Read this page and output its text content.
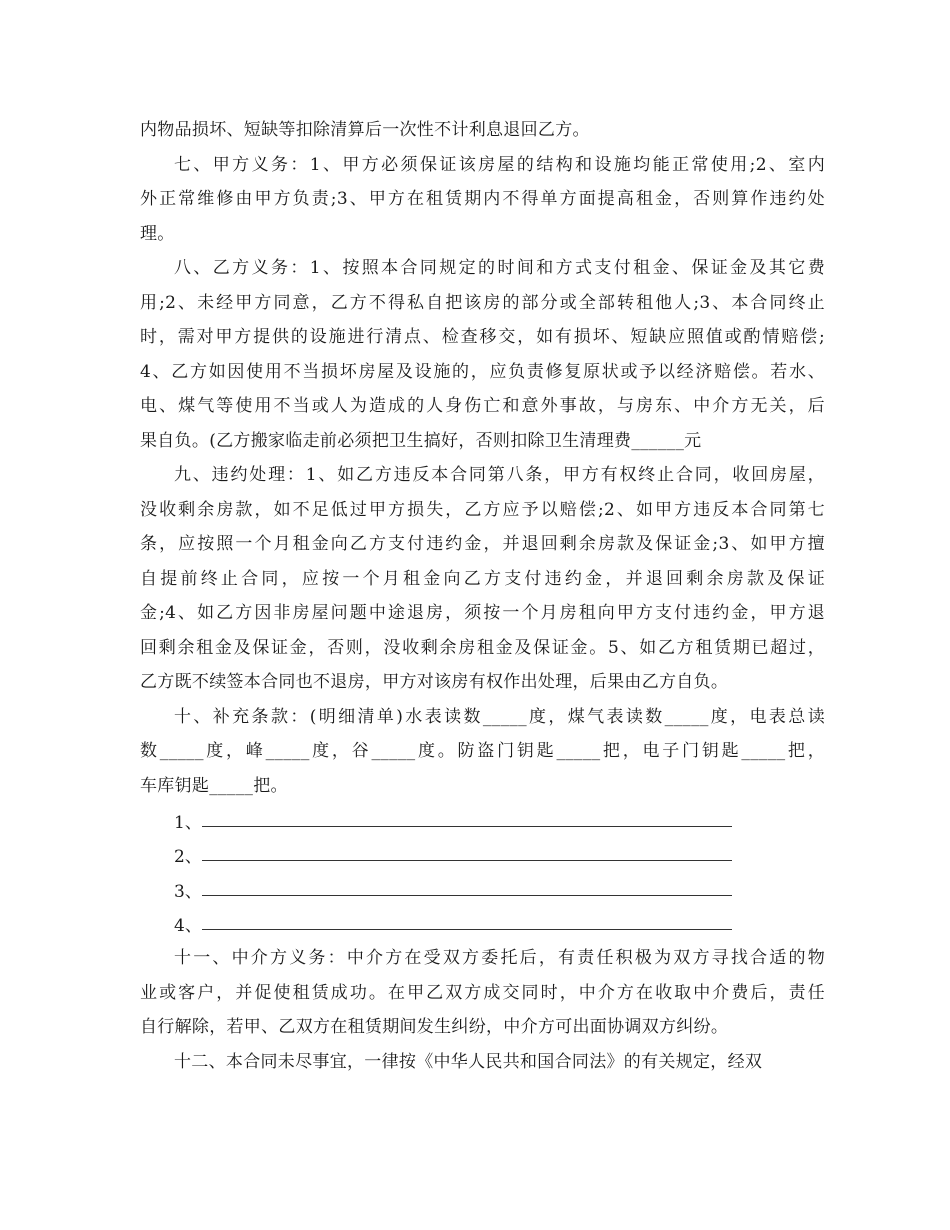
内物品损坏、短缺等扣除清算后一次性不计利息退回乙方。
七、甲方义务：1、甲方必须保证该房屋的结构和设施均能正常使用;2、室内
外正常维修由甲方负责;3、甲方在租赁期内不得单方面提高租金，否则算作违约处
理。
八、乙方义务：1、按照本合同规定的时间和方式支付租金、保证金及其它费
用;2、未经甲方同意，乙方不得私自把该房的部分或全部转租他人;3、本合同终止
时，需对甲方提供的设施进行清点、检查移交，如有损坏、短缺应照值或酌情赔偿;
4、乙方如因使用不当损坏房屋及设施的，应负责修复原状或予以经济赔偿。若水、
电、煤气等使用不当或人为造成的人身伤亡和意外事故，与房东、中介方无关，后
果自负。(乙方搬家临走前必须把卫生搞好，否则扣除卫生清理费______元
九、违约处理：1、如乙方违反本合同第八条，甲方有权终止合同，收回房屋，
没收剩余房款，如不足低过甲方损失，乙方应予以赔偿;2、如甲方违反本合同第七
条，应按照一个月租金向乙方支付违约金，并退回剩余房款及保证金;3、如甲方擅
自提前终止合同，应按一个月租金向乙方支付违约金，并退回剩余房款及保证
金;4、如乙方因非房屋问题中途退房，须按一个月房租向甲方支付违约金，甲方退
回剩余租金及保证金，否则，没收剩余房租金及保证金。5、如乙方租赁期已超过，
乙方既不续签本合同也不退房，甲方对该房有权作出处理，后果由乙方自负。
十、补充条款：(明细清单)水表读数_____度，煤气表读数_____度，电表总读
数_____度，峰_____度，谷_____度。防盗门钥匙_____把，电子门钥匙_____把，
车库钥匙_____把。
1、
2、
3、
4、
十一、中介方义务：中介方在受双方委托后，有责任积极为双方寻找合适的物
业或客户，并促使租赁成功。在甲乙双方成交同时，中介方在收取中介费后，责任
自行解除，若甲、乙双方在租赁期间发生纠纷，中介方可出面协调双方纠纷。
十二、本合同未尽事宜，一律按《中华人民共和国合同法》的有关规定，经双
